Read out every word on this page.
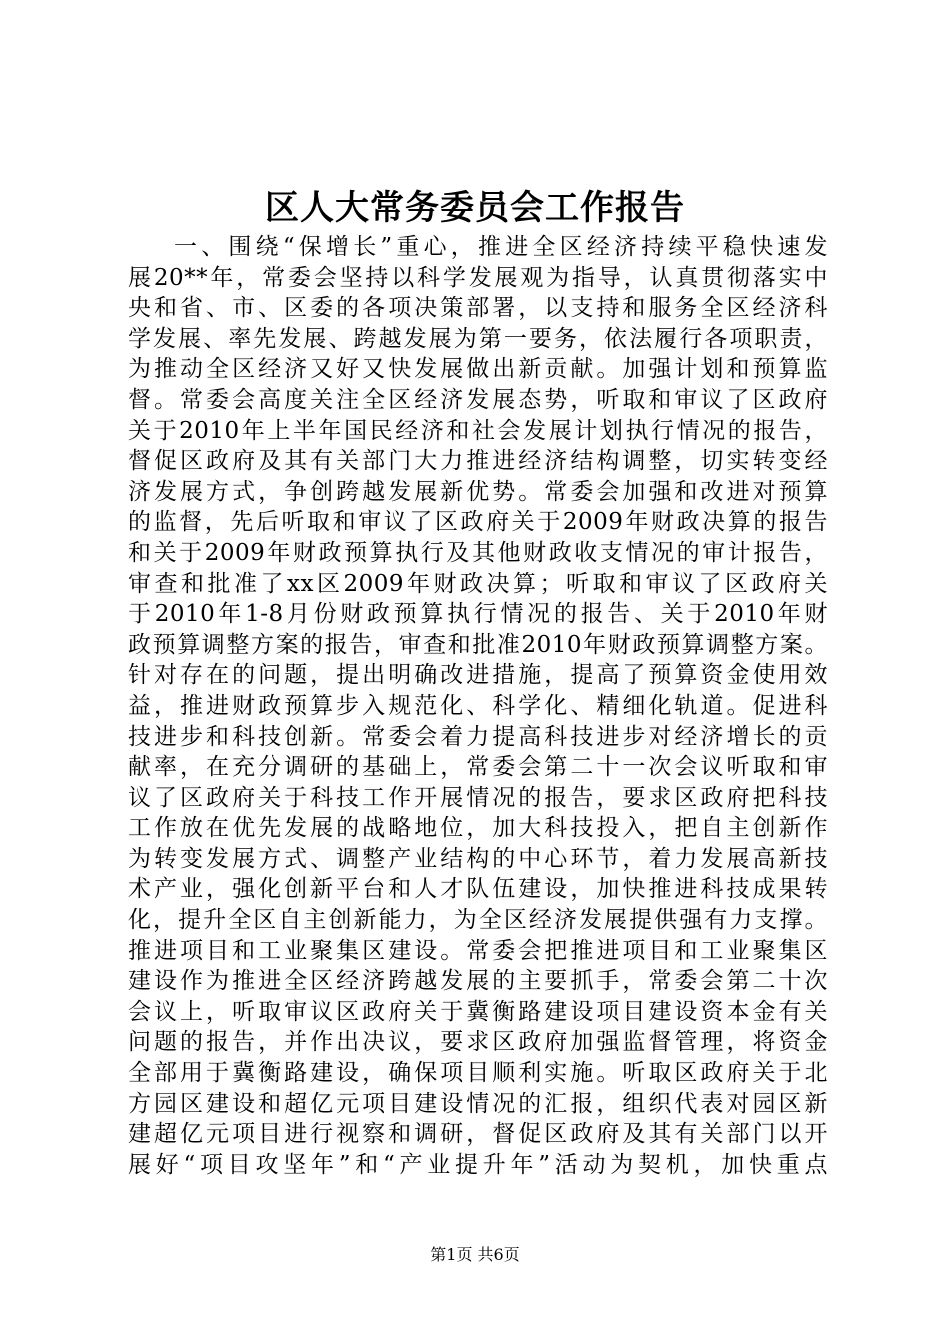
区人大常务委员会工作报告
一、围绕“保增长”重心，推进全区经济持续平稳快速发
展20**年，常委会坚持以科学发展观为指导，认真贯彻落实中
央和省、市、区委的各项决策部署，以支持和服务全区经济科
学发展、率先发展、跨越发展为第一要务，依法履行各项职责，
为推动全区经济又好又快发展做出新贡献。加强计划和预算监
督。常委会高度关注全区经济发展态势，听取和审议了区政府
关于2010年上半年国民经济和社会发展计划执行情况的报告，
督促区政府及其有关部门大力推进经济结构调整，切实转变经
济发展方式，争创跨越发展新优势。常委会加强和改进对预算
的监督，先后听取和审议了区政府关于2009年财政决算的报告
和关于2009年财政预算执行及其他财政收支情况的审计报告，
审查和批准了xx区2009年财政决算；听取和审议了区政府关
于2010年1-8月份财政预算执行情况的报告、关于2010年财
政预算调整方案的报告，审查和批准2010年财政预算调整方案。
针对存在的问题，提出明确改进措施，提高了预算资金使用效
益，推进财政预算步入规范化、科学化、精细化轨道。促进科
技进步和科技创新。常委会着力提高科技进步对经济增长的贡
献率，在充分调研的基础上，常委会第二十一次会议听取和审
议了区政府关于科技工作开展情况的报告，要求区政府把科技
工作放在优先发展的战略地位，加大科技投入，把自主创新作
为转变发展方式、调整产业结构的中心环节，着力发展高新技
术产业，强化创新平台和人才队伍建设，加快推进科技成果转
化，提升全区自主创新能力，为全区经济发展提供强有力支撑。
推进项目和工业聚集区建设。常委会把推进项目和工业聚集区
建设作为推进全区经济跨越发展的主要抓手，常委会第二十次
会议上，听取审议区政府关于冀衡路建设项目建设资本金有关
问题的报告，并作出决议，要求区政府加强监督管理，将资金
全部用于冀衡路建设，确保项目顺利实施。听取区政府关于北
方园区建设和超亿元项目建设情况的汇报，组织代表对园区新
建超亿元项目进行视察和调研，督促区政府及其有关部门以开
展好“项目攻坚年”和“产业提升年”活动为契机，加快重点
第1页 共6页
